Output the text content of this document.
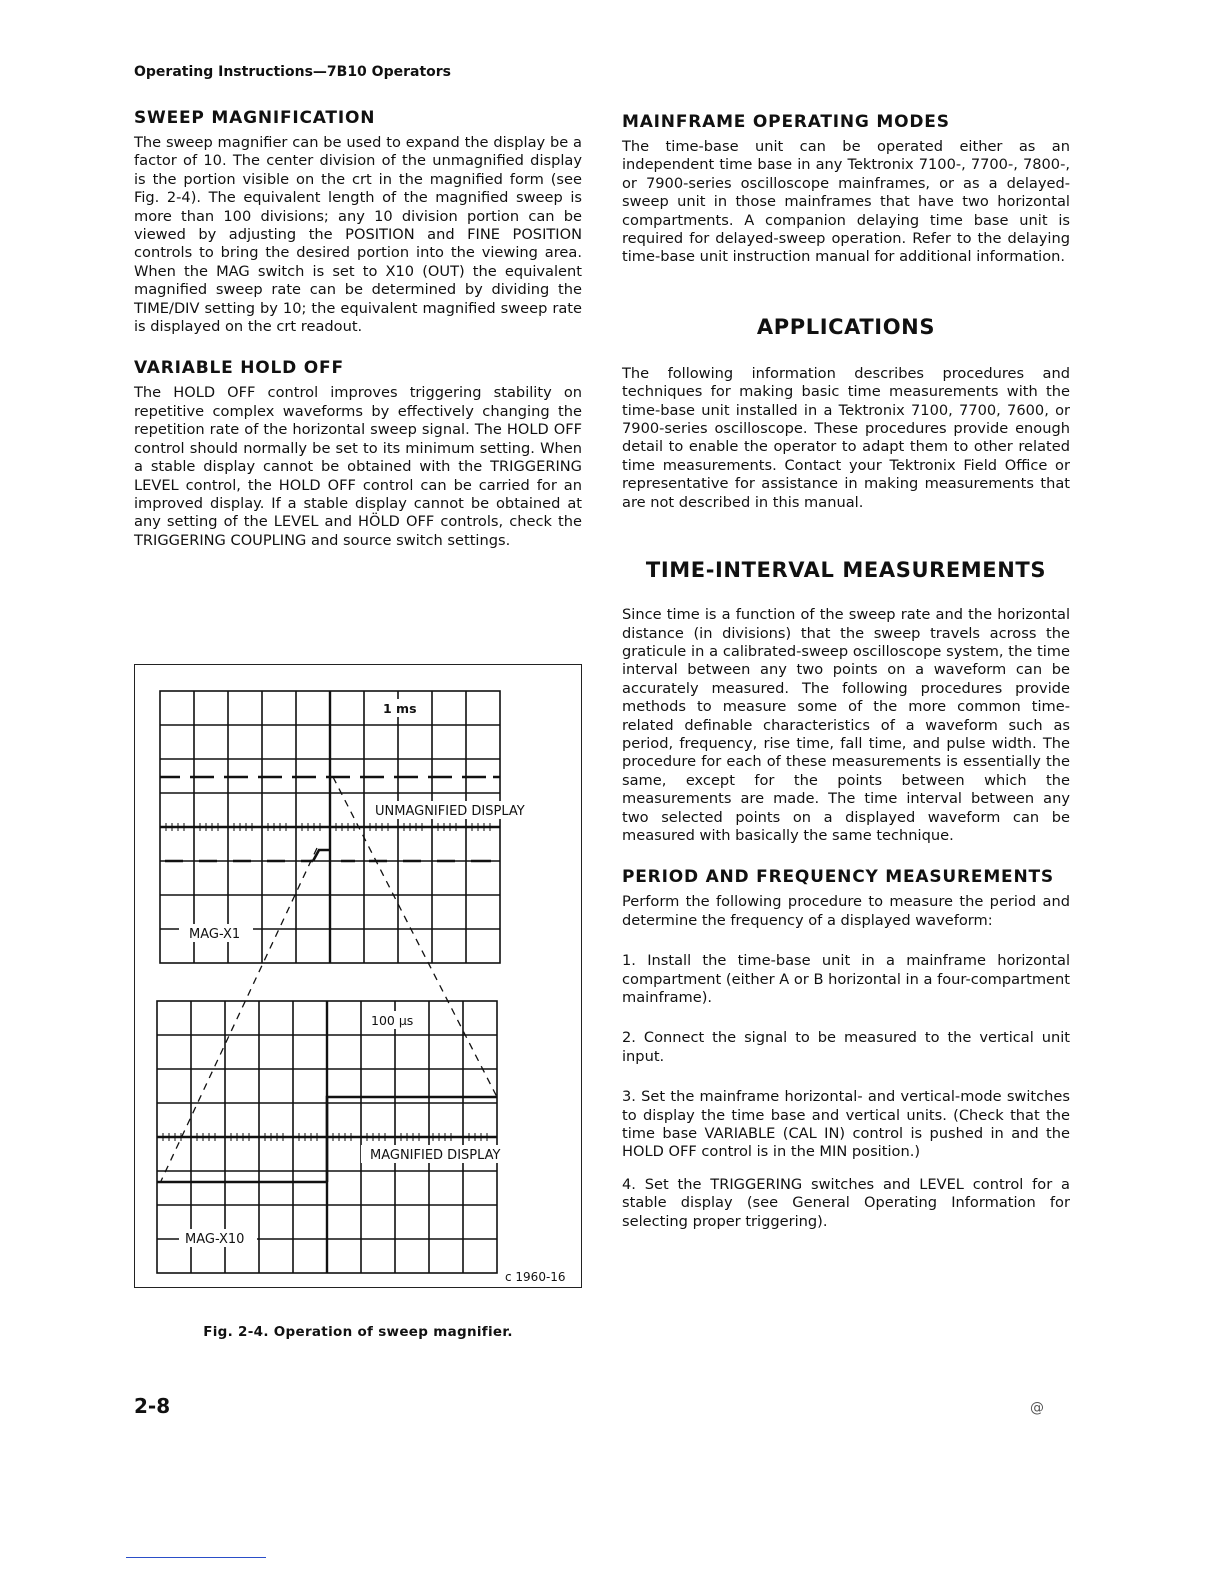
Operating Instructions—7B10 Operators
SWEEP MAGNIFICATION

The sweep magnifier can be used to expand the display be a factor of 10. The center division of the unmagnified display is the portion visible on the crt in the magnified form (see Fig. 2-4). The equivalent length of the magnified sweep is more than 100 divisions; any 10 division portion can be viewed by adjusting the POSITION and FINE POSITION controls to bring the desired portion into the viewing area. When the MAG switch is set to X10 (OUT) the equivalent magnified sweep rate can be determined by dividing the TIME/DIV setting by 10; the equivalent magnified sweep rate is displayed on the crt readout.

VARIABLE HOLD OFF

The HOLD OFF control improves triggering stability on repetitive complex waveforms by effectively changing the repetition rate of the horizontal sweep signal. The HOLD OFF control should normally be set to its minimum setting. When a stable display cannot be obtained with the TRIGGERING LEVEL control, the HOLD OFF control can be carried for an improved display. If a stable display cannot be obtained at any setting of the LEVEL and HÖLD OFF controls, check the TRIGGERING COUPLING and source switch settings.

1 ms
UNMAGNIFIED DISPLAY
MAG-X1
100 μs
MAGNIFIED DISPLAY
MAG-X10
c 1960-16
Fig. 2-4. Operation of sweep magnifier.
MAINFRAME OPERATING MODES

The time-base unit can be operated either as an independent time base in any Tektronix 7100-, 7700-, 7800-, or 7900-series oscilloscope mainframes, or as a delayed-sweep unit in those mainframes that have two horizontal compartments. A companion delaying time base unit is required for delayed-sweep operation. Refer to the delaying time-base unit instruction manual for additional information.

APPLICATIONS

The following information describes procedures and techniques for making basic time measurements with the time-base unit installed in a Tektronix 7100, 7700, 7600, or 7900-series oscilloscope. These procedures provide enough detail to enable the operator to adapt them to other related time measurements. Contact your Tektronix Field Office or representative for assistance in making measurements that are not described in this manual.

TIME-INTERVAL MEASUREMENTS

Since time is a function of the sweep rate and the horizontal distance (in divisions) that the sweep travels across the graticule in a calibrated-sweep oscilloscope system, the time interval between any two points on a waveform can be accurately measured. The following procedures provide methods to measure some of the more common time-related definable characteristics of a waveform such as period, frequency, rise time, fall time, and pulse width. The procedure for each of these measurements is essentially the same, except for the points between which the measurements are made. The time interval between any two selected points on a displayed waveform can be measured with basically the same technique.

PERIOD AND FREQUENCY MEASUREMENTS

Perform the following procedure to measure the period and determine the frequency of a displayed waveform:

1. Install the time-base unit in a mainframe horizontal compartment (either A or B horizontal in a four-compartment mainframe).

2. Connect the signal to be measured to the vertical unit input.

3. Set the mainframe horizontal- and vertical-mode switches to display the time base and vertical units. (Check that the time base VARIABLE (CAL IN) control is pushed in and the HOLD OFF control is in the MIN position.)

4. Set the TRIGGERING switches and LEVEL control for a stable display (see General Operating Information for selecting proper triggering).

2-8	@
